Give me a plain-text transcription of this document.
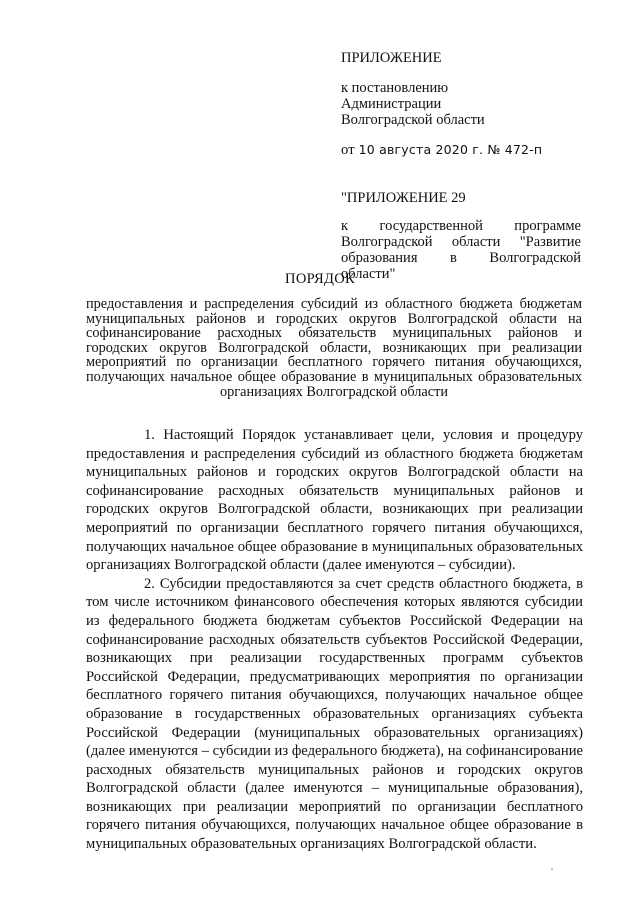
ПРИЛОЖЕНИЕ
к постановлению
Администрации
Волгоградской области
от 10 августа 2020 г. № 472-п
"ПРИЛОЖЕНИЕ 29
к государственной программе Волгоградской области "Развитие образования в Волгоградской области"
ПОРЯДОК
предоставления и распределения субсидий из областного бюджета бюджетам муниципальных районов и городских округов Волгоградской области на софинансирование расходных обязательств муниципальных районов и городских округов Волгоградской области, возникающих при реализации мероприятий по организации бесплатного горячего питания обучающихся, получающих начальное общее образование в муниципальных образовательных организациях Волгоградской области

1. Настоящий Порядок устанавливает цели, условия и процедуру предоставления и распределения субсидий из областного бюджета бюджетам муниципальных районов и городских округов Волгоградской области на софинансирование расходных обязательств муниципальных районов и городских округов Волгоградской области, возникающих при реализации мероприятий по организации бесплатного горячего питания обучающихся, получающих начальное общее образование в муниципальных образовательных организациях Волгоградской области (далее именуются – субсидии).

2. Субсидии предоставляются за счет средств областного бюджета, в том числе источником финансового обеспечения которых являются субсидии из федерального бюджета бюджетам субъектов Российской Федерации на софинансирование расходных обязательств субъектов Российской Федерации, возникающих при реализации государственных программ субъектов Российской Федерации, предусматривающих мероприятия по организации бесплатного горячего питания обучающихся, получающих начальное общее образование в государственных образовательных организациях субъекта Российской Федерации (муниципальных образовательных организациях) (далее именуются – субсидии из федерального бюджета), на софинансирование расходных обязательств муниципальных районов и городских округов Волгоградской области (далее именуются – муниципальные образования), возникающих при реализации мероприятий по организации бесплатного горячего питания обучающихся, получающих начальное общее образование в муниципальных образовательных организациях Волгоградской области.
